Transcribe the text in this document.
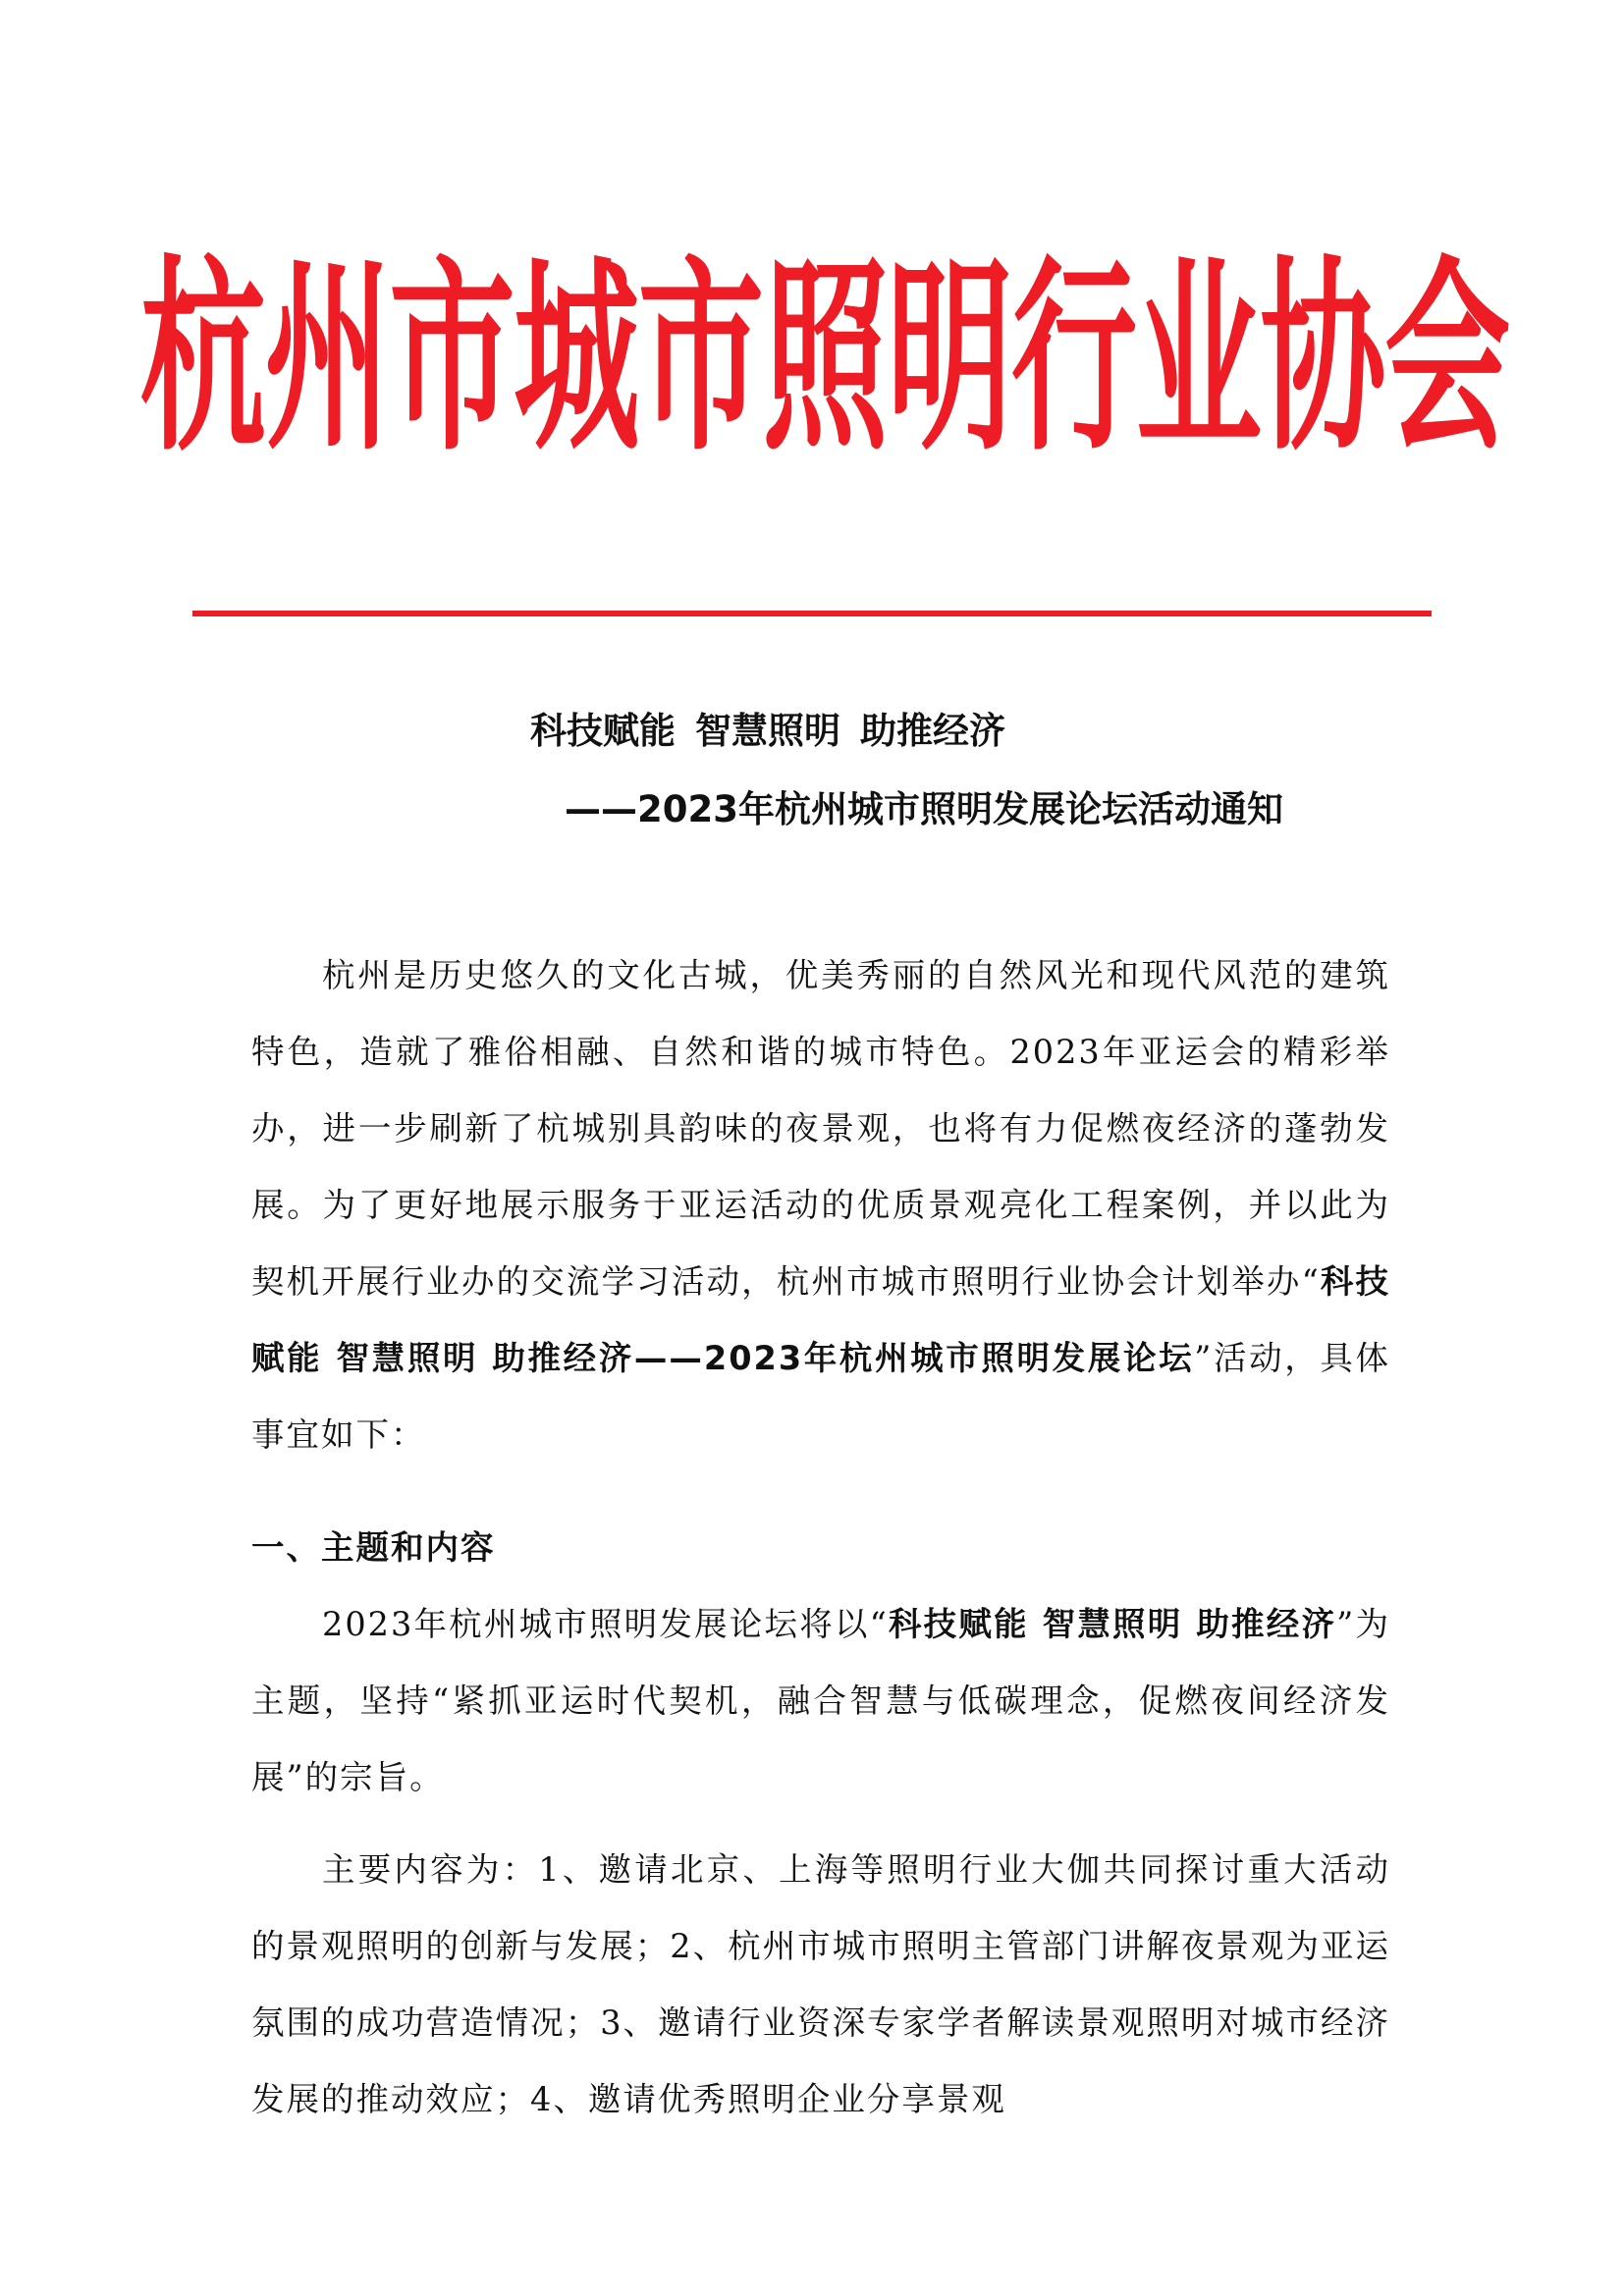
杭州市城市照明行业协会
科技赋能 智慧照明 助推经济
——2023年杭州城市照明发展论坛活动通知

杭州是历史悠久的文化古城，优美秀丽的自然风光和现代风范的建筑特色，造就了雅俗相融、自然和谐的城市特色。2023年亚运会的精彩举办，进一步刷新了杭城别具韵味的夜景观，也将有力促燃夜经济的蓬勃发展。为了更好地展示服务于亚运活动的优质景观亮化工程案例，并以此为契机开展行业办的交流学习活动，杭州市城市照明行业协会计划举办“科技赋能 智慧照明 助推经济——2023年杭州城市照明发展论坛”活动，具体事宜如下：

一、主题和内容

2023年杭州城市照明发展论坛将以“科技赋能 智慧照明 助推经济”为主题，坚持“紧抓亚运时代契机，融合智慧与低碳理念，促燃夜间经济发展”的宗旨。

主要内容为：1、邀请北京、上海等照明行业大伽共同探讨重大活动的景观照明的创新与发展；2、杭州市城市照明主管部门讲解夜景观为亚运氛围的成功营造情况；3、邀请行业资深专家学者解读景观照明对城市经济发展的推动效应；4、邀请优秀照明企业分享景观
